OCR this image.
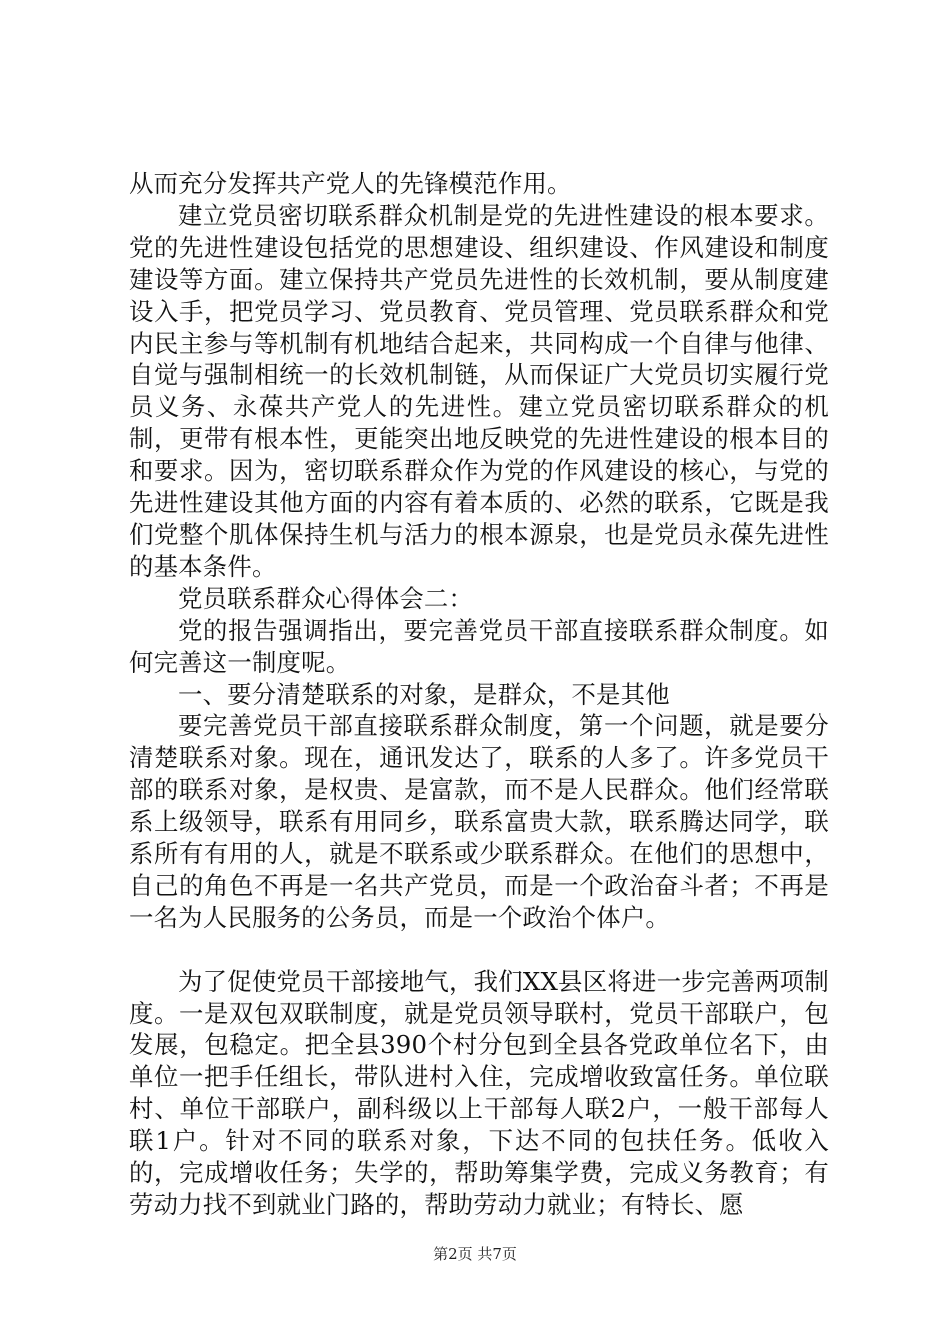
从而充分发挥共产党人的先锋模范作用。

建立党员密切联系群众机制是党的先进性建设的根本要求。党的先进性建设包括党的思想建设、组织建设、作风建设和制度建设等方面。建立保持共产党员先进性的长效机制，要从制度建设入手，把党员学习、党员教育、党员管理、党员联系群众和党内民主参与等机制有机地结合起来，共同构成一个自律与他律、自觉与强制相统一的长效机制链，从而保证广大党员切实履行党员义务、永葆共产党人的先进性。建立党员密切联系群众的机制，更带有根本性，更能突出地反映党的先进性建设的根本目的和要求。因为，密切联系群众作为党的作风建设的核心，与党的先进性建设其他方面的内容有着本质的、必然的联系，它既是我们党整个肌体保持生机与活力的根本源泉，也是党员永葆先进性的基本条件。

党员联系群众心得体会二：

党的报告强调指出，要完善党员干部直接联系群众制度。如何完善这一制度呢。

一、要分清楚联系的对象，是群众，不是其他

要完善党员干部直接联系群众制度，第一个问题，就是要分清楚联系对象。现在，通讯发达了，联系的人多了。许多党员干部的联系对象，是权贵、是富款，而不是人民群众。他们经常联系上级领导，联系有用同乡，联系富贵大款，联系腾达同学，联系所有有用的人，就是不联系或少联系群众。在他们的思想中，自己的角色不再是一名共产党员，而是一个政治奋斗者；不再是一名为人民服务的公务员，而是一个政治个体户。

为了促使党员干部接地气，我们XX县区将进一步完善两项制度。一是双包双联制度，就是党员领导联村，党员干部联户，包发展，包稳定。把全县390个村分包到全县各党政单位名下，由单位一把手任组长，带队进村入住，完成增收致富任务。单位联村、单位干部联户，副科级以上干部每人联2户，一般干部每人联1户。针对不同的联系对象，下达不同的包扶任务。低收入的，完成增收任务；失学的，帮助筹集学费，完成义务教育；有劳动力找不到就业门路的，帮助劳动力就业；有特长、愿

第2页 共7页
